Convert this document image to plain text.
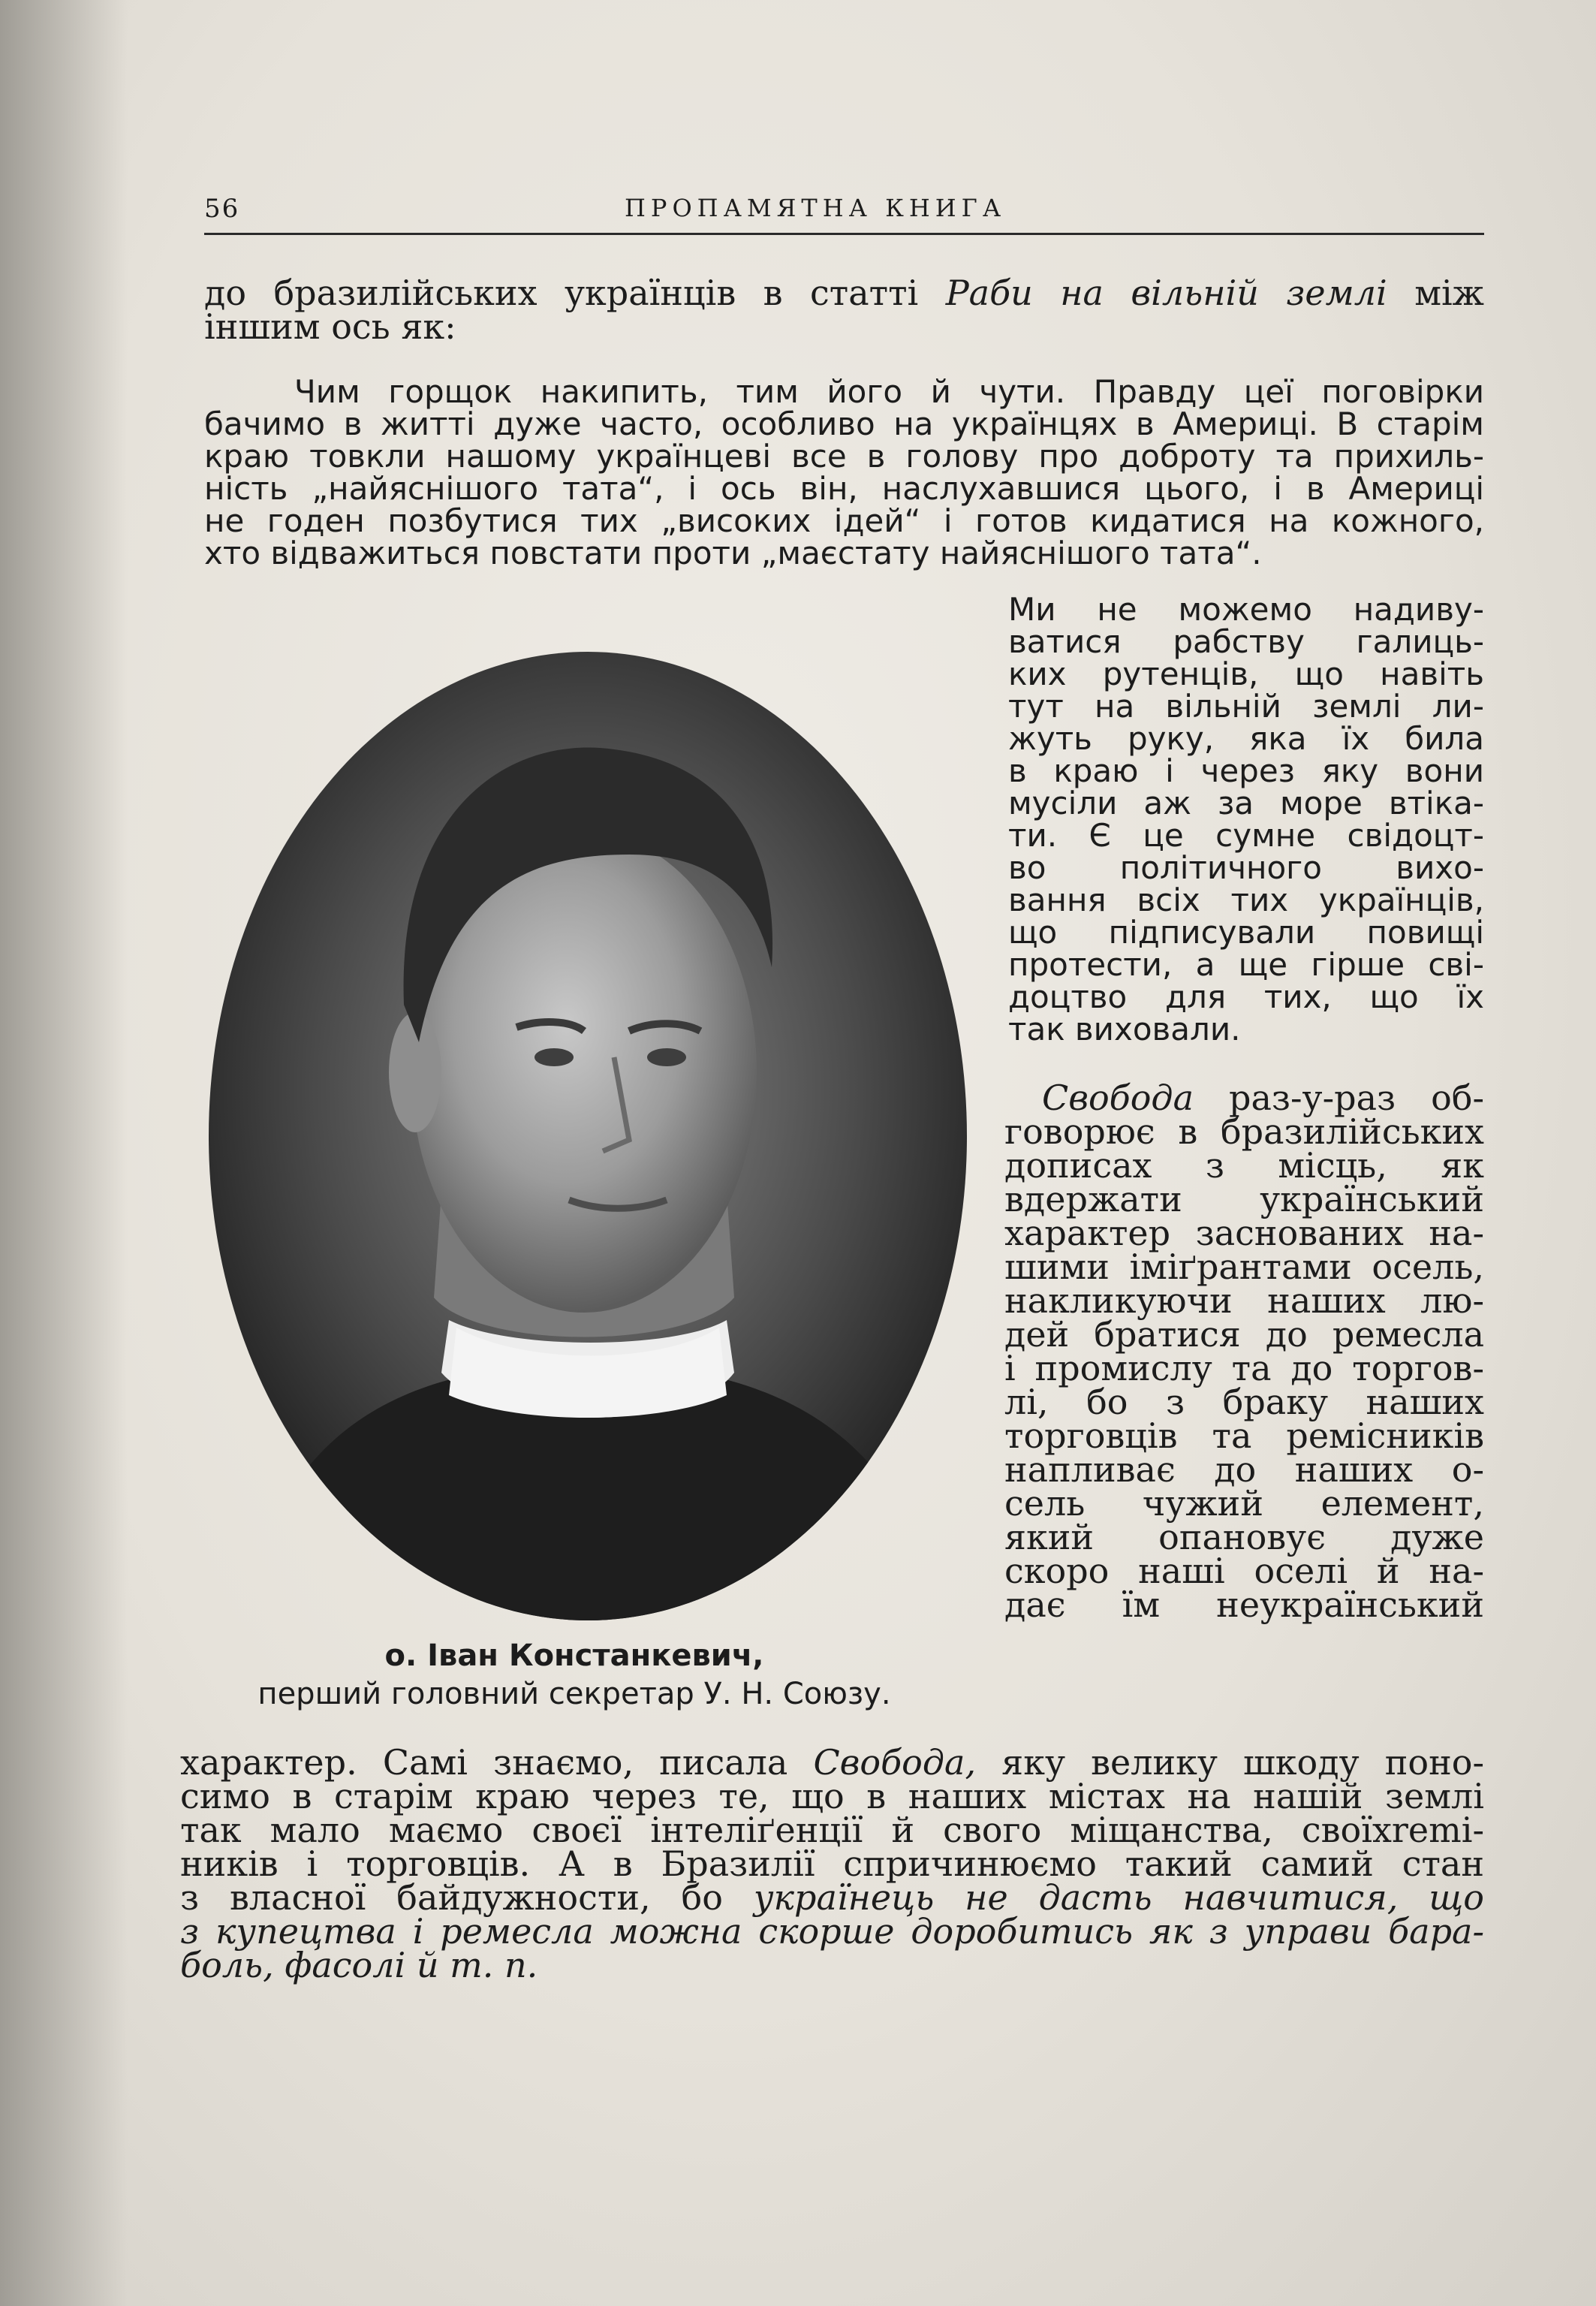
56	ПРОПАМЯТНА КНИГА
до бразилійських українців в статті Раби на вільній землі між
іншим ось як:
Чим горщок накипить, тим його й чути. Правду цеї поговірки
бачимо в житті дуже часто, особливо на українцях в Америці. В старім
краю товкли нашому українцеві все в голову про доброту та прихиль-
ність „найяснішого тата“, і ось він, наслухавшися цього, і в Америці
не годен позбутися тих „високих ідей“ і готов кидатися на кожного,
хто відважиться повстати проти „маєстату найяснішого тата“.
Ми не можемо надиву-
ватися рабству галиць-
ких рутенців, що навіть
тут на вільній землі ли-
жуть руку, яка їх била
в краю і через яку вони
мусіли аж за море втіка-
ти. Є це сумне свідоцт-
во політичного вихо-
вання всіх тих українців,
що підписували повищі
протести, а ще гірше сві-
доцтво для тих, що їх
так виховали.
Свобода раз-у-раз об-
говорює в бразилійських
дописах з місць, як
вдержати український
характер заснованих на-
шими іміґрантами осель,
накликуючи наших лю-
дей братися до ремесла
і промислу та до торгов-
лі, бо з браку наших
торговців та ремісників
напливає до наших о-
сель чужий елемент,
який опановує дуже
скоро наші оселі й на-
дає їм неукраїнський
о. Іван Констанкевич,
перший головний секретар У. Н. Союзу.
характер. Самі знаємо, писала Свобода, яку велику шкоду поно-
симо в старім краю через те, що в наших містах на нашій землі
так мало маємо своєї інтеліґенції й свого міщанства, своїхremі-
ників і торговців. А в Бразилії спричинюємо такий самий стан
з власної байдужности, бо українець не дасть навчитися, що
з купецтва і ремесла можна скорше доробитись як з управи бара-
боль, фасолі й т. п.
